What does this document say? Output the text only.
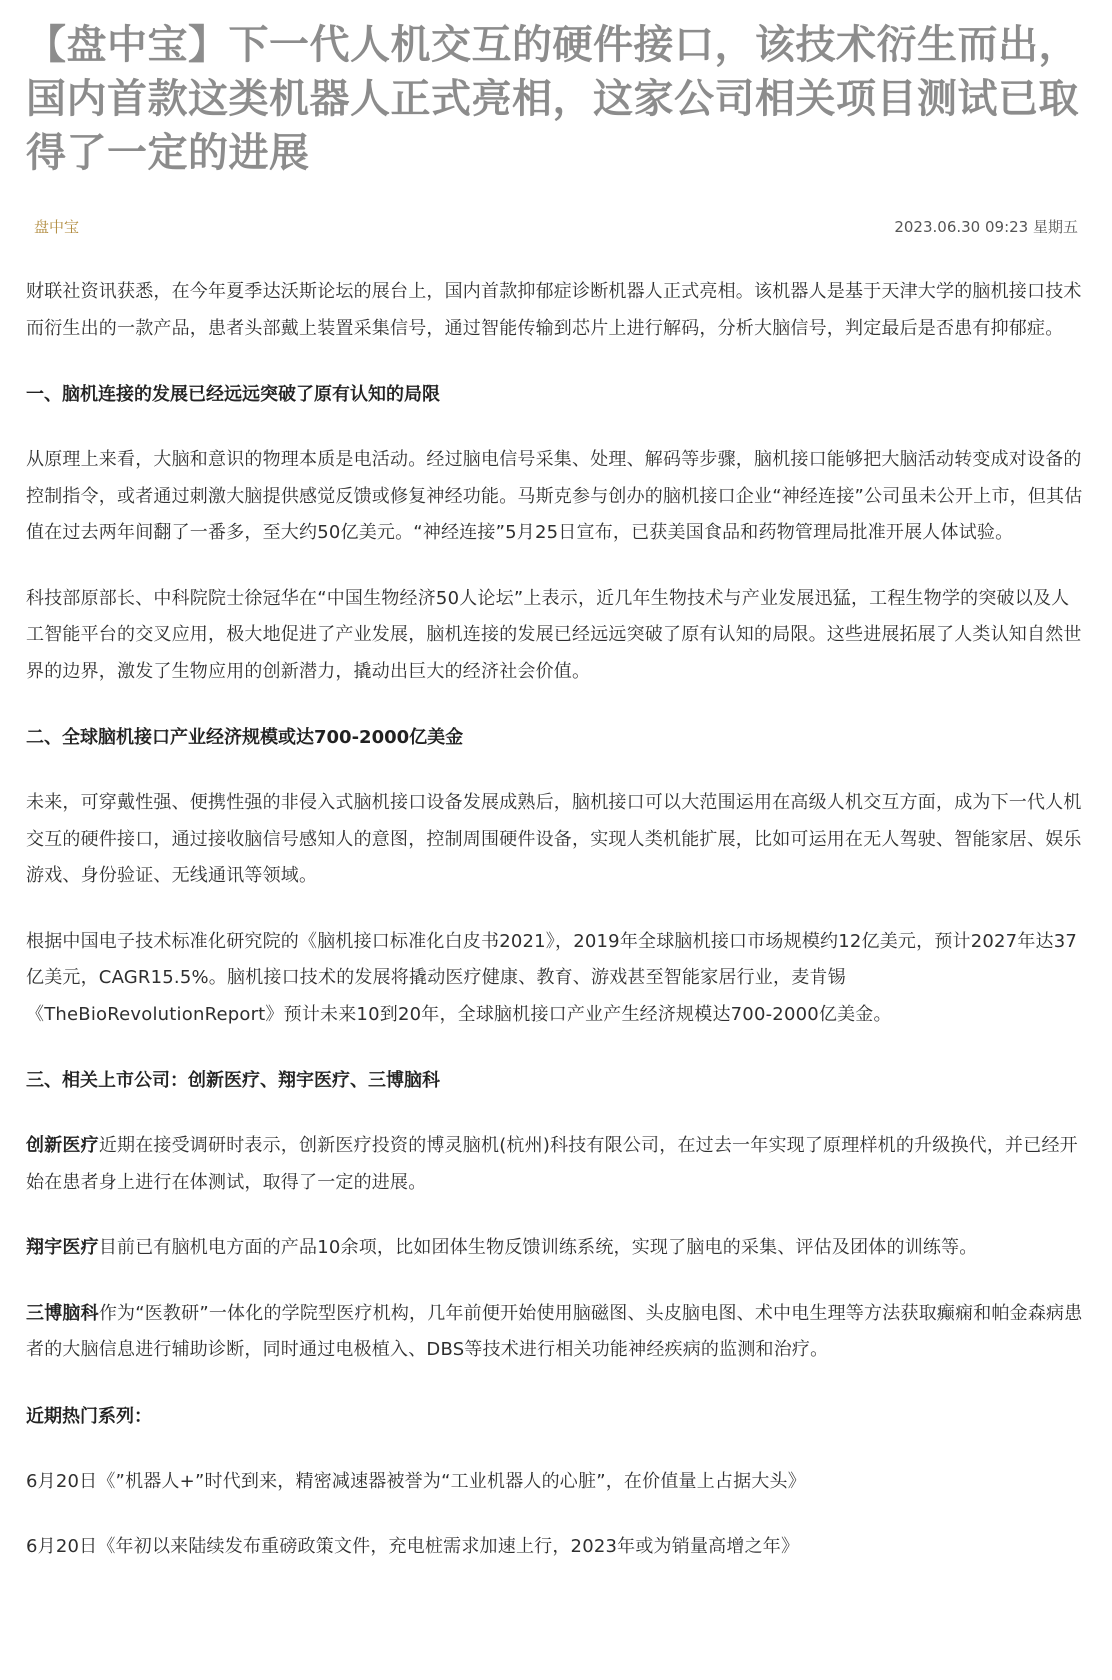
【盘中宝】下一代人机交互的硬件接口，该技术衍生而出，国内首款这类机器人正式亮相，这家公司相关项目测试已取得了一定的进展
盘中宝	2023.06.30 09:23 星期五

财联社资讯获悉，在今年夏季达沃斯论坛的展台上，国内首款抑郁症诊断机器人正式亮相。该机器人是基于天津大学的脑机接口技术而衍生出的一款产品，患者头部戴上装置采集信号，通过智能传输到芯片上进行解码，分析大脑信号，判定最后是否患有抑郁症。

一、脑机连接的发展已经远远突破了原有认知的局限

从原理上来看，大脑和意识的物理本质是电活动。经过脑电信号采集、处理、解码等步骤，脑机接口能够把大脑活动转变成对设备的控制指令，或者通过刺激大脑提供感觉反馈或修复神经功能。马斯克参与创办的脑机接口企业“神经连接”公司虽未公开上市，但其估值在过去两年间翻了一番多，至大约50亿美元。“神经连接”5月25日宣布，已获美国食品和药物管理局批准开展人体试验。

科技部原部长、中科院院士徐冠华在“中国生物经济50人论坛”上表示，近几年生物技术与产业发展迅猛，工程生物学的突破以及人工智能平台的交叉应用，极大地促进了产业发展，脑机连接的发展已经远远突破了原有认知的局限。这些进展拓展了人类认知自然世界的边界，激发了生物应用的创新潜力，撬动出巨大的经济社会价值。

二、全球脑机接口产业经济规模或达700-2000亿美金

未来，可穿戴性强、便携性强的非侵入式脑机接口设备发展成熟后，脑机接口可以大范围运用在高级人机交互方面，成为下一代人机交互的硬件接口，通过接收脑信号感知人的意图，控制周围硬件设备，实现人类机能扩展，比如可运用在无人驾驶、智能家居、娱乐游戏、身份验证、无线通讯等领域。

根据中国电子技术标准化研究院的《脑机接口标准化白皮书2021》，2019年全球脑机接口市场规模约12亿美元，预计2027年达37亿美元，CAGR15.5%。脑机接口技术的发展将撬动医疗健康、教育、游戏甚至智能家居行业，麦肯锡《TheBioRevolutionReport》预计未来10到20年，全球脑机接口产业产生经济规模达700-2000亿美金。

三、相关上市公司：创新医疗、翔宇医疗、三博脑科

创新医疗近期在接受调研时表示，创新医疗投资的博灵脑机(杭州)科技有限公司，在过去一年实现了原理样机的升级换代，并已经开始在患者身上进行在体测试，取得了一定的进展。

翔宇医疗目前已有脑机电方面的产品10余项，比如团体生物反馈训练系统，实现了脑电的采集、评估及团体的训练等。

三博脑科作为“医教研”一体化的学院型医疗机构，几年前便开始使用脑磁图、头皮脑电图、术中电生理等方法获取癫痫和帕金森病患者的大脑信息进行辅助诊断，同时通过电极植入、DBS等技术进行相关功能神经疾病的监测和治疗。

近期热门系列：

6月20日《”机器人+”时代到来，精密减速器被誉为“工业机器人的心脏”，在价值量上占据大头》

6月20日《年初以来陆续发布重磅政策文件，充电桩需求加速上行，2023年或为销量高增之年》
